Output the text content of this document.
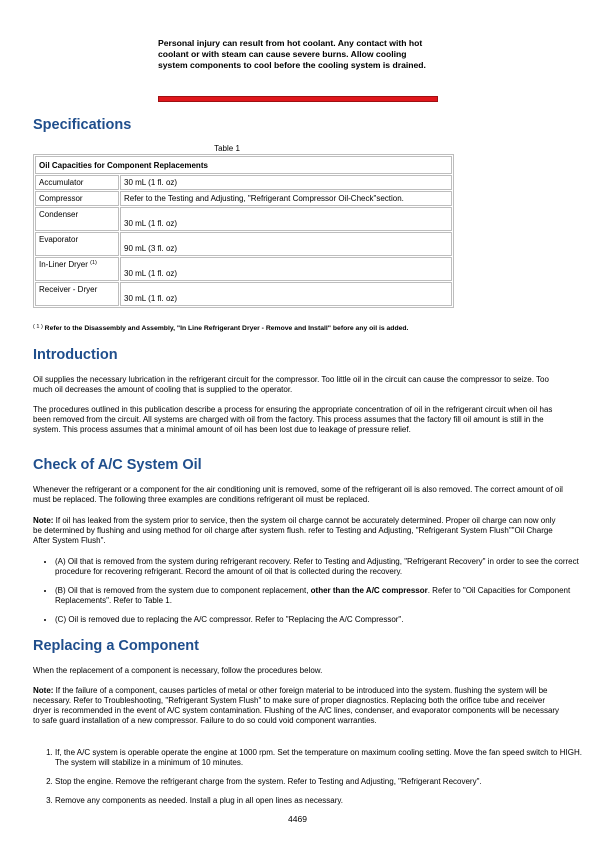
Personal injury can result from hot coolant. Any contact with hot coolant or with steam can cause severe burns. Allow cooling system components to cool before the cooling system is drained.
Specifications
Table 1
Oil Capacities for Component Replacements	
Accumulator	30 mL (1 fl. oz)
Compressor	Refer to the Testing and Adjusting, "Refrigerant Compressor Oil-Check"section.
Condenser	30 mL (1 fl. oz)
Evaporator	90 mL (3 fl. oz)
In-Liner Dryer $^{(1)}$	30 mL (1 fl. oz)
Receiver - Dryer	30 mL (1 fl. oz)
$^{( 1 )}$ Refer to the Disassembly and Assembly, "In Line Refrigerant Dryer - Remove and Install" before any oil is added.
Introduction

Oil supplies the necessary lubrication in the refrigerant circuit for the compressor. Too little oil in the circuit can cause the compressor to seize. Too much oil decreases the amount of cooling that is supplied to the operator.

The procedures outlined in this publication describe a process for ensuring the appropriate concentration of oil in the refrigerant circuit when oil has been removed from the circuit. All systems are charged with oil from the factory. This process assumes that the factory fill oil amount is still in the system. This process assumes that a minimal amount of oil has been lost due to leakage of pressure relief.

Check of A/C System Oil

Whenever the refrigerant or a component for the air conditioning unit is removed, some of the refrigerant oil is also removed. The correct amount of oil must be replaced. The following three examples are conditions refrigerant oil must be replaced.

Note: If oil has leaked from the system prior to service, then the system oil charge cannot be accurately determined. Proper oil charge can now only be determined by flushing and using method for oil charge after system flush. refer to Testing and Adjusting, "Refrigerant System Flush""Oil Charge After System Flush".

• (A) Oil that is removed from the system during refrigerant recovery. Refer to Testing and Adjusting, "Refrigerant Recovery" in order to see the correct procedure for recovering refrigerant. Record the amount of oil that is collected during the recovery.
• (B) Oil that is removed from the system due to component replacement, other than the A/C compressor. Refer to "Oil Capacities for Component Replacements". Refer to Table 1.
• (C) Oil is removed due to replacing the A/C compressor. Refer to "Replacing the A/C Compressor".
Replacing a Component

When the replacement of a component is necessary, follow the procedures below.

Note: If the failure of a component, causes particles of metal or other foreign material to be introduced into the system. flushing the system will be necessary. Refer to Troubleshooting, "Refrigerant System Flush" to make sure of proper diagnostics. Replacing both the orifice tube and receiver dryer is recommended in the event of A/C system contamination. Flushing of the A/C lines, condenser, and evaporator components will be necessary to safe guard installation of a new compressor. Failure to do so could void component warranties.

1. If, the A/C system is operable operate the engine at 1000 rpm. Set the temperature on maximum cooling setting. Move the fan speed switch to HIGH. The system will stabilize in a minimum of 10 minutes.
2. Stop the engine. Remove the refrigerant charge from the system. Refer to Testing and Adjusting, "Refrigerant Recovery".
3. Remove any components as needed. Install a plug in all open lines as necessary.
4469
